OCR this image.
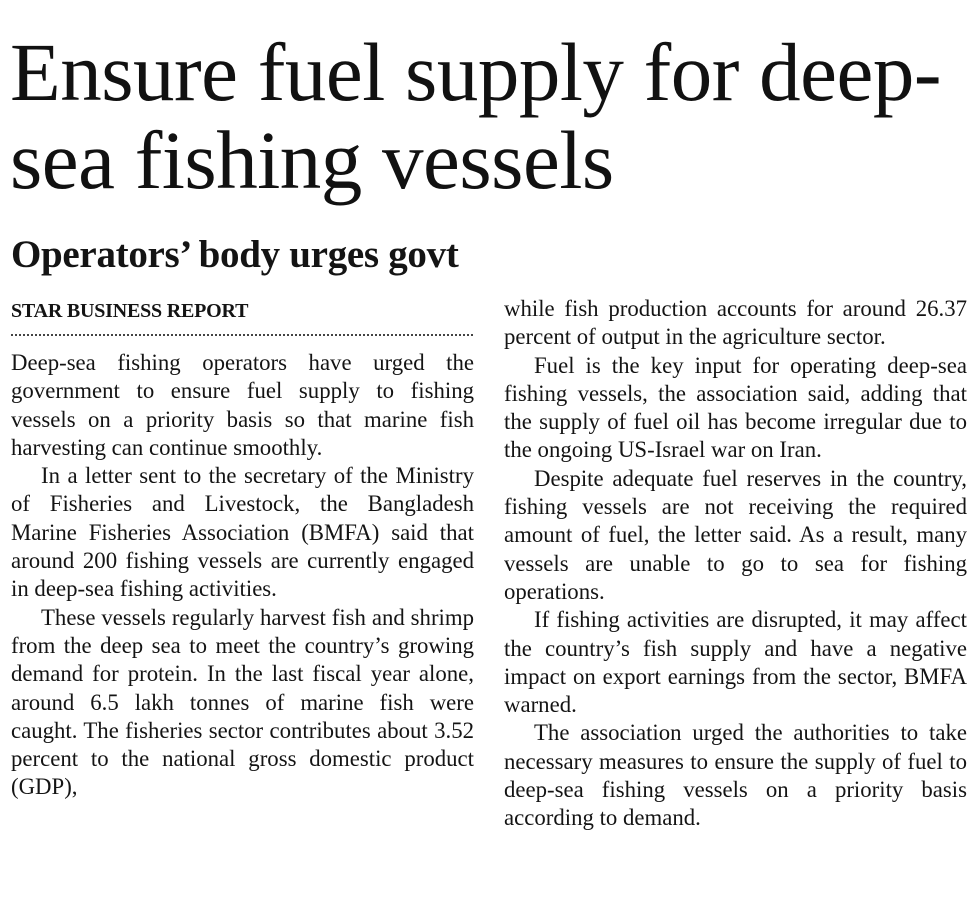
Ensure fuel supply for deep-sea fishing vessels
Operators’ body urges govt
STAR BUSINESS REPORT

Deep-sea fishing operators have urged the government to ensure fuel supply to fishing vessels on a priority basis so that marine fish harvesting can continue smoothly.

In a letter sent to the secretary of the Ministry of Fisheries and Livestock, the Bangladesh Marine Fisheries Association (BMFA) said that around 200 fishing vessels are currently engaged in deep-sea fishing activities.

These vessels regularly harvest fish and shrimp from the deep sea to meet the country’s growing demand for protein. In the last fiscal year alone, around 6.5 lakh tonnes of marine fish were caught. The fisheries sector contributes about 3.52 percent to the national gross domestic product (GDP),

while fish production accounts for around 26.37 percent of output in the agriculture sector.

Fuel is the key input for operating deep-sea fishing vessels, the association said, adding that the supply of fuel oil has become irregular due to the ongoing US-Israel war on Iran.

Despite adequate fuel reserves in the country, fishing vessels are not receiving the required amount of fuel, the letter said. As a result, many vessels are unable to go to sea for fishing operations.

If fishing activities are disrupted, it may affect the country’s fish supply and have a negative impact on export earnings from the sector, BMFA warned.

The association urged the authorities to take necessary measures to ensure the supply of fuel to deep-sea fishing vessels on a priority basis according to demand.
